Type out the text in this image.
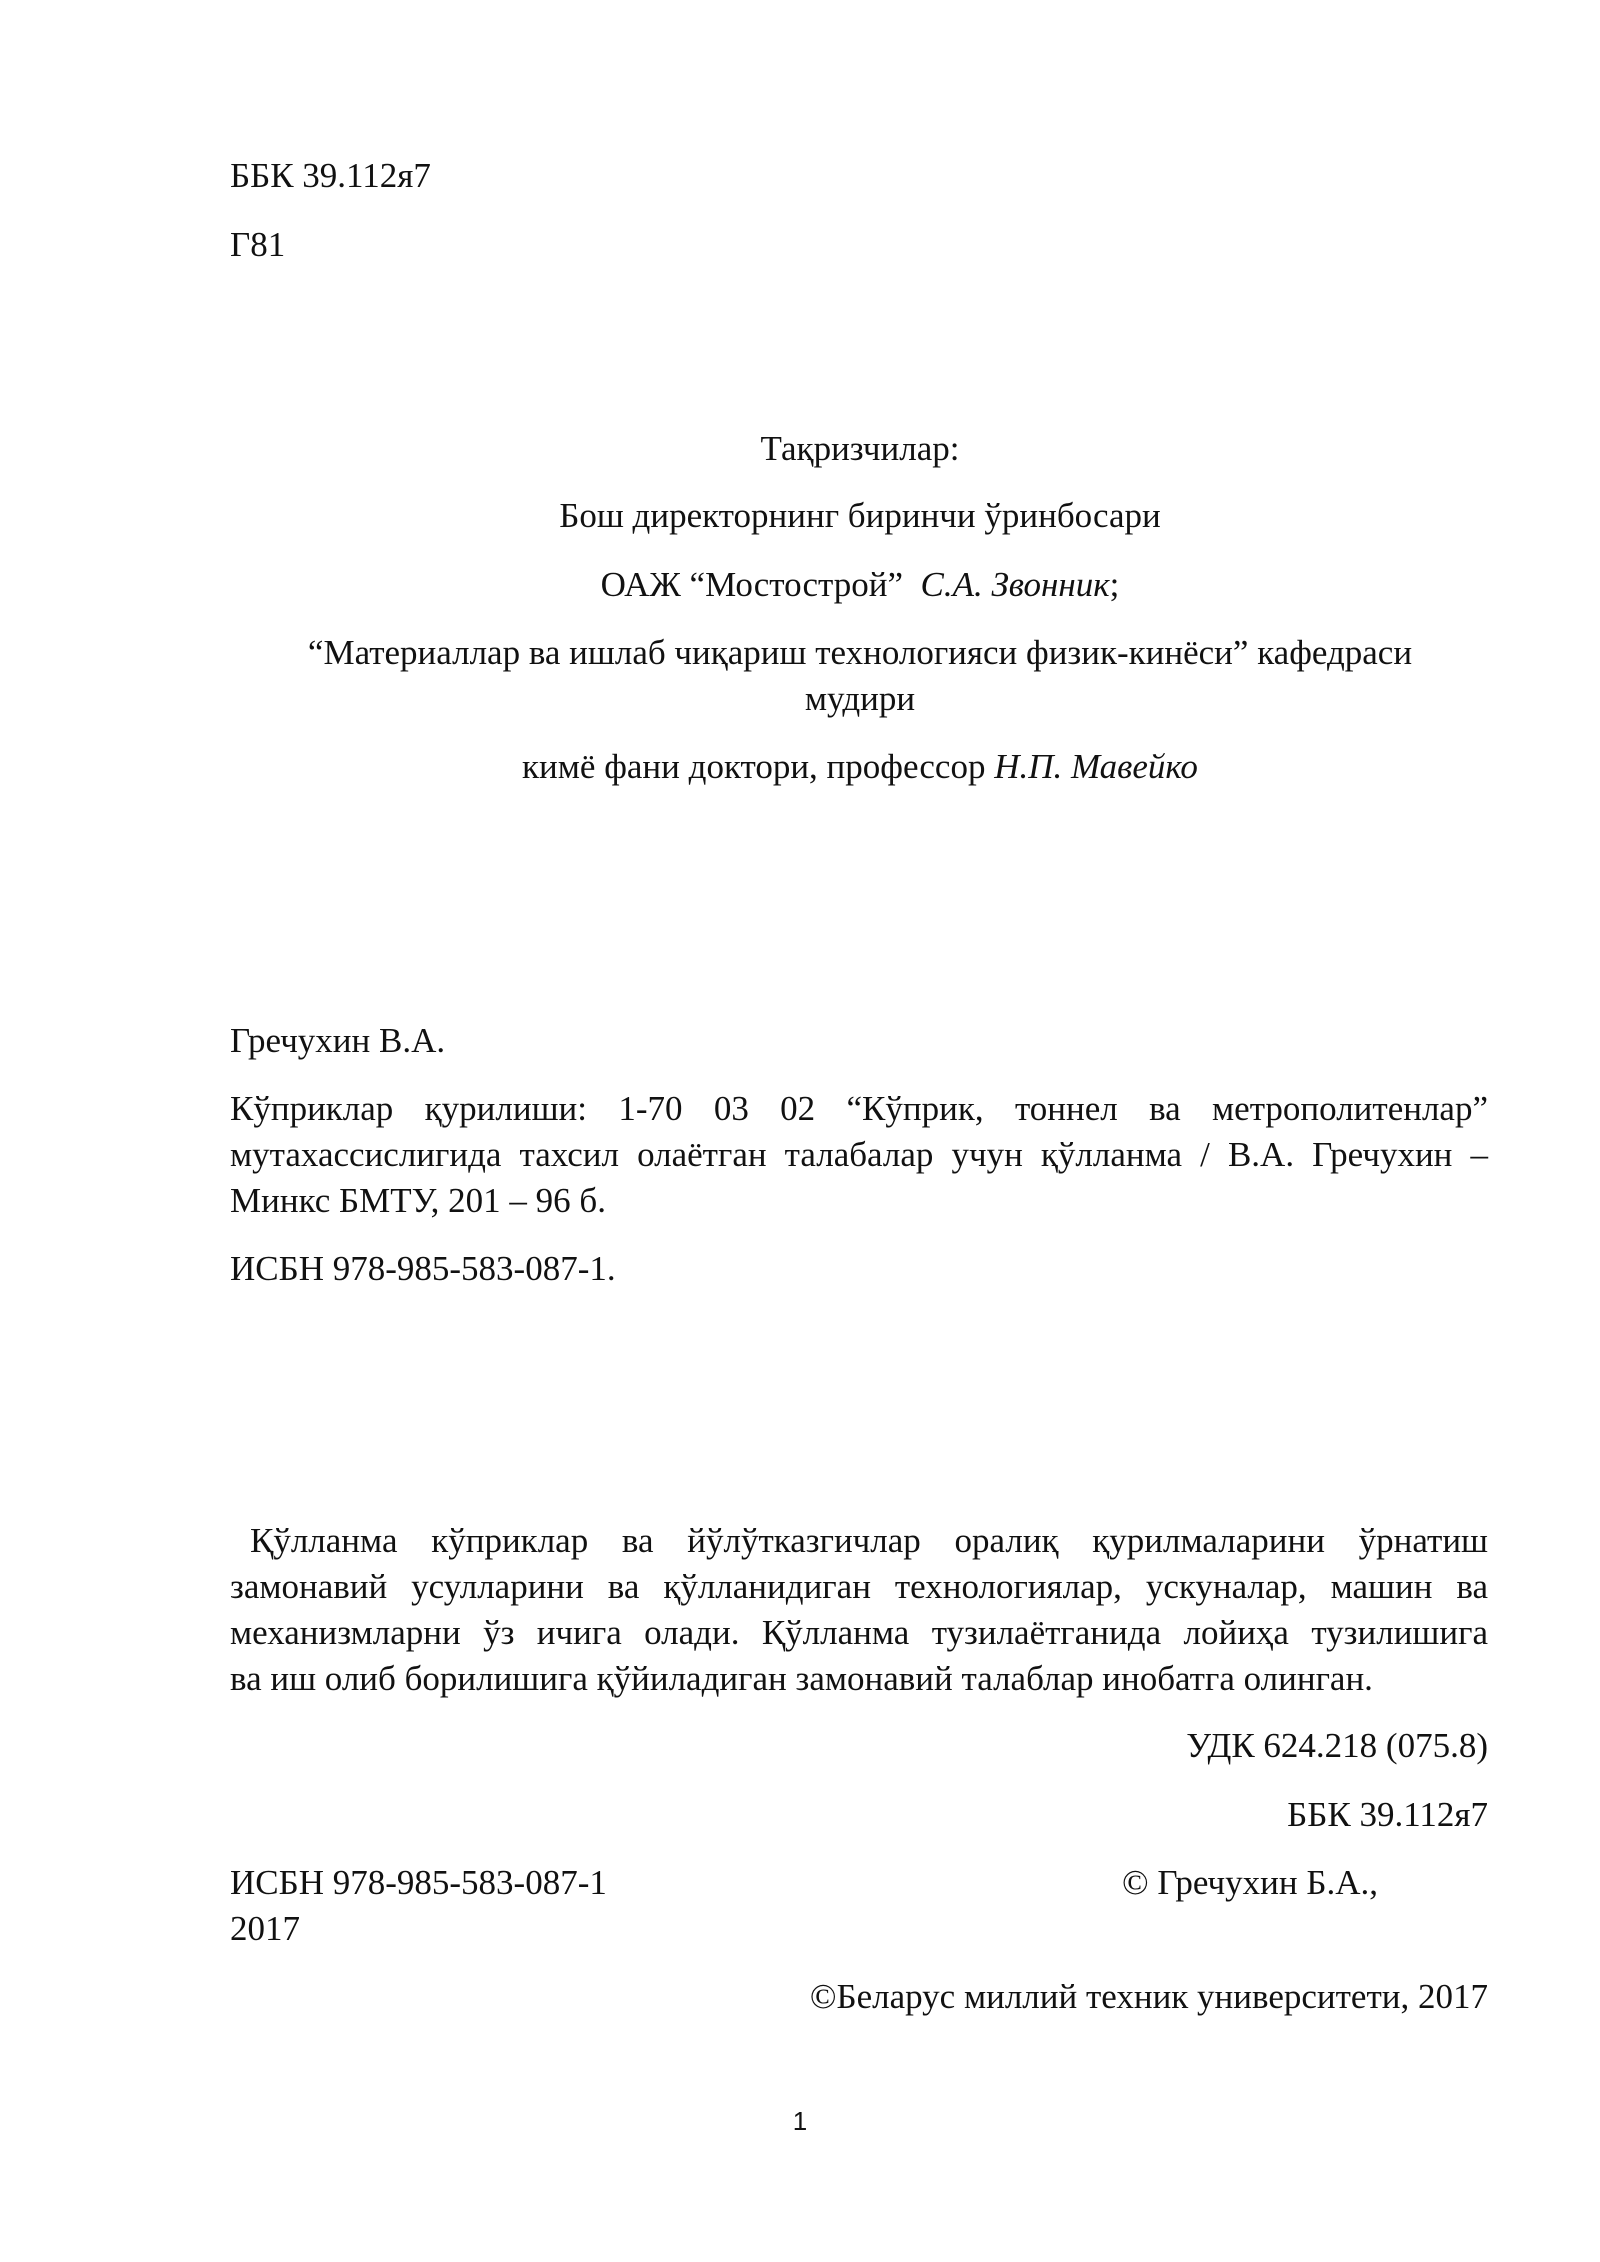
ББК 39.112я7
Г81
Тақризчилар:
Бош директорнинг биринчи ўринбосари
ОАЖ “Мостострой” С.А. Звонник;
“Материаллар ва ишлаб чиқариш технологияси физик-кинёси” кафедраси
мудири
кимё фани доктори, профессор Н.П. Мавейко
Гречухин В.А.
Кўприклар қурилиши: 1-70 03 02 “Кўприк, тоннел ва метрополитенлар”
мутахассислигида тахсил олаётган талабалар учун қўлланма / В.А. Гречухин –
Минкс БМТУ, 201 – 96 б.
ИСБН 978-985-583-087-1.
Қўлланма кўприклар ва йўлўтказгичлар оралиқ қурилмаларини ўрнатиш
замонавий усулларини ва қўлланидиган технологиялар, ускуналар, машин ва
механизмларни ўз ичига олади. Қўлланма тузилаётганида лойиҳа тузилишига
ва иш олиб борилишига қўйиладиган замонавий талаблар инобатга олинган.
УДК 624.218 (075.8)
ББК 39.112я7
ИСБН 978-985-583-087-1	© Гречухин Б.А.,
2017
©Беларус миллий техник университети, 2017
1
